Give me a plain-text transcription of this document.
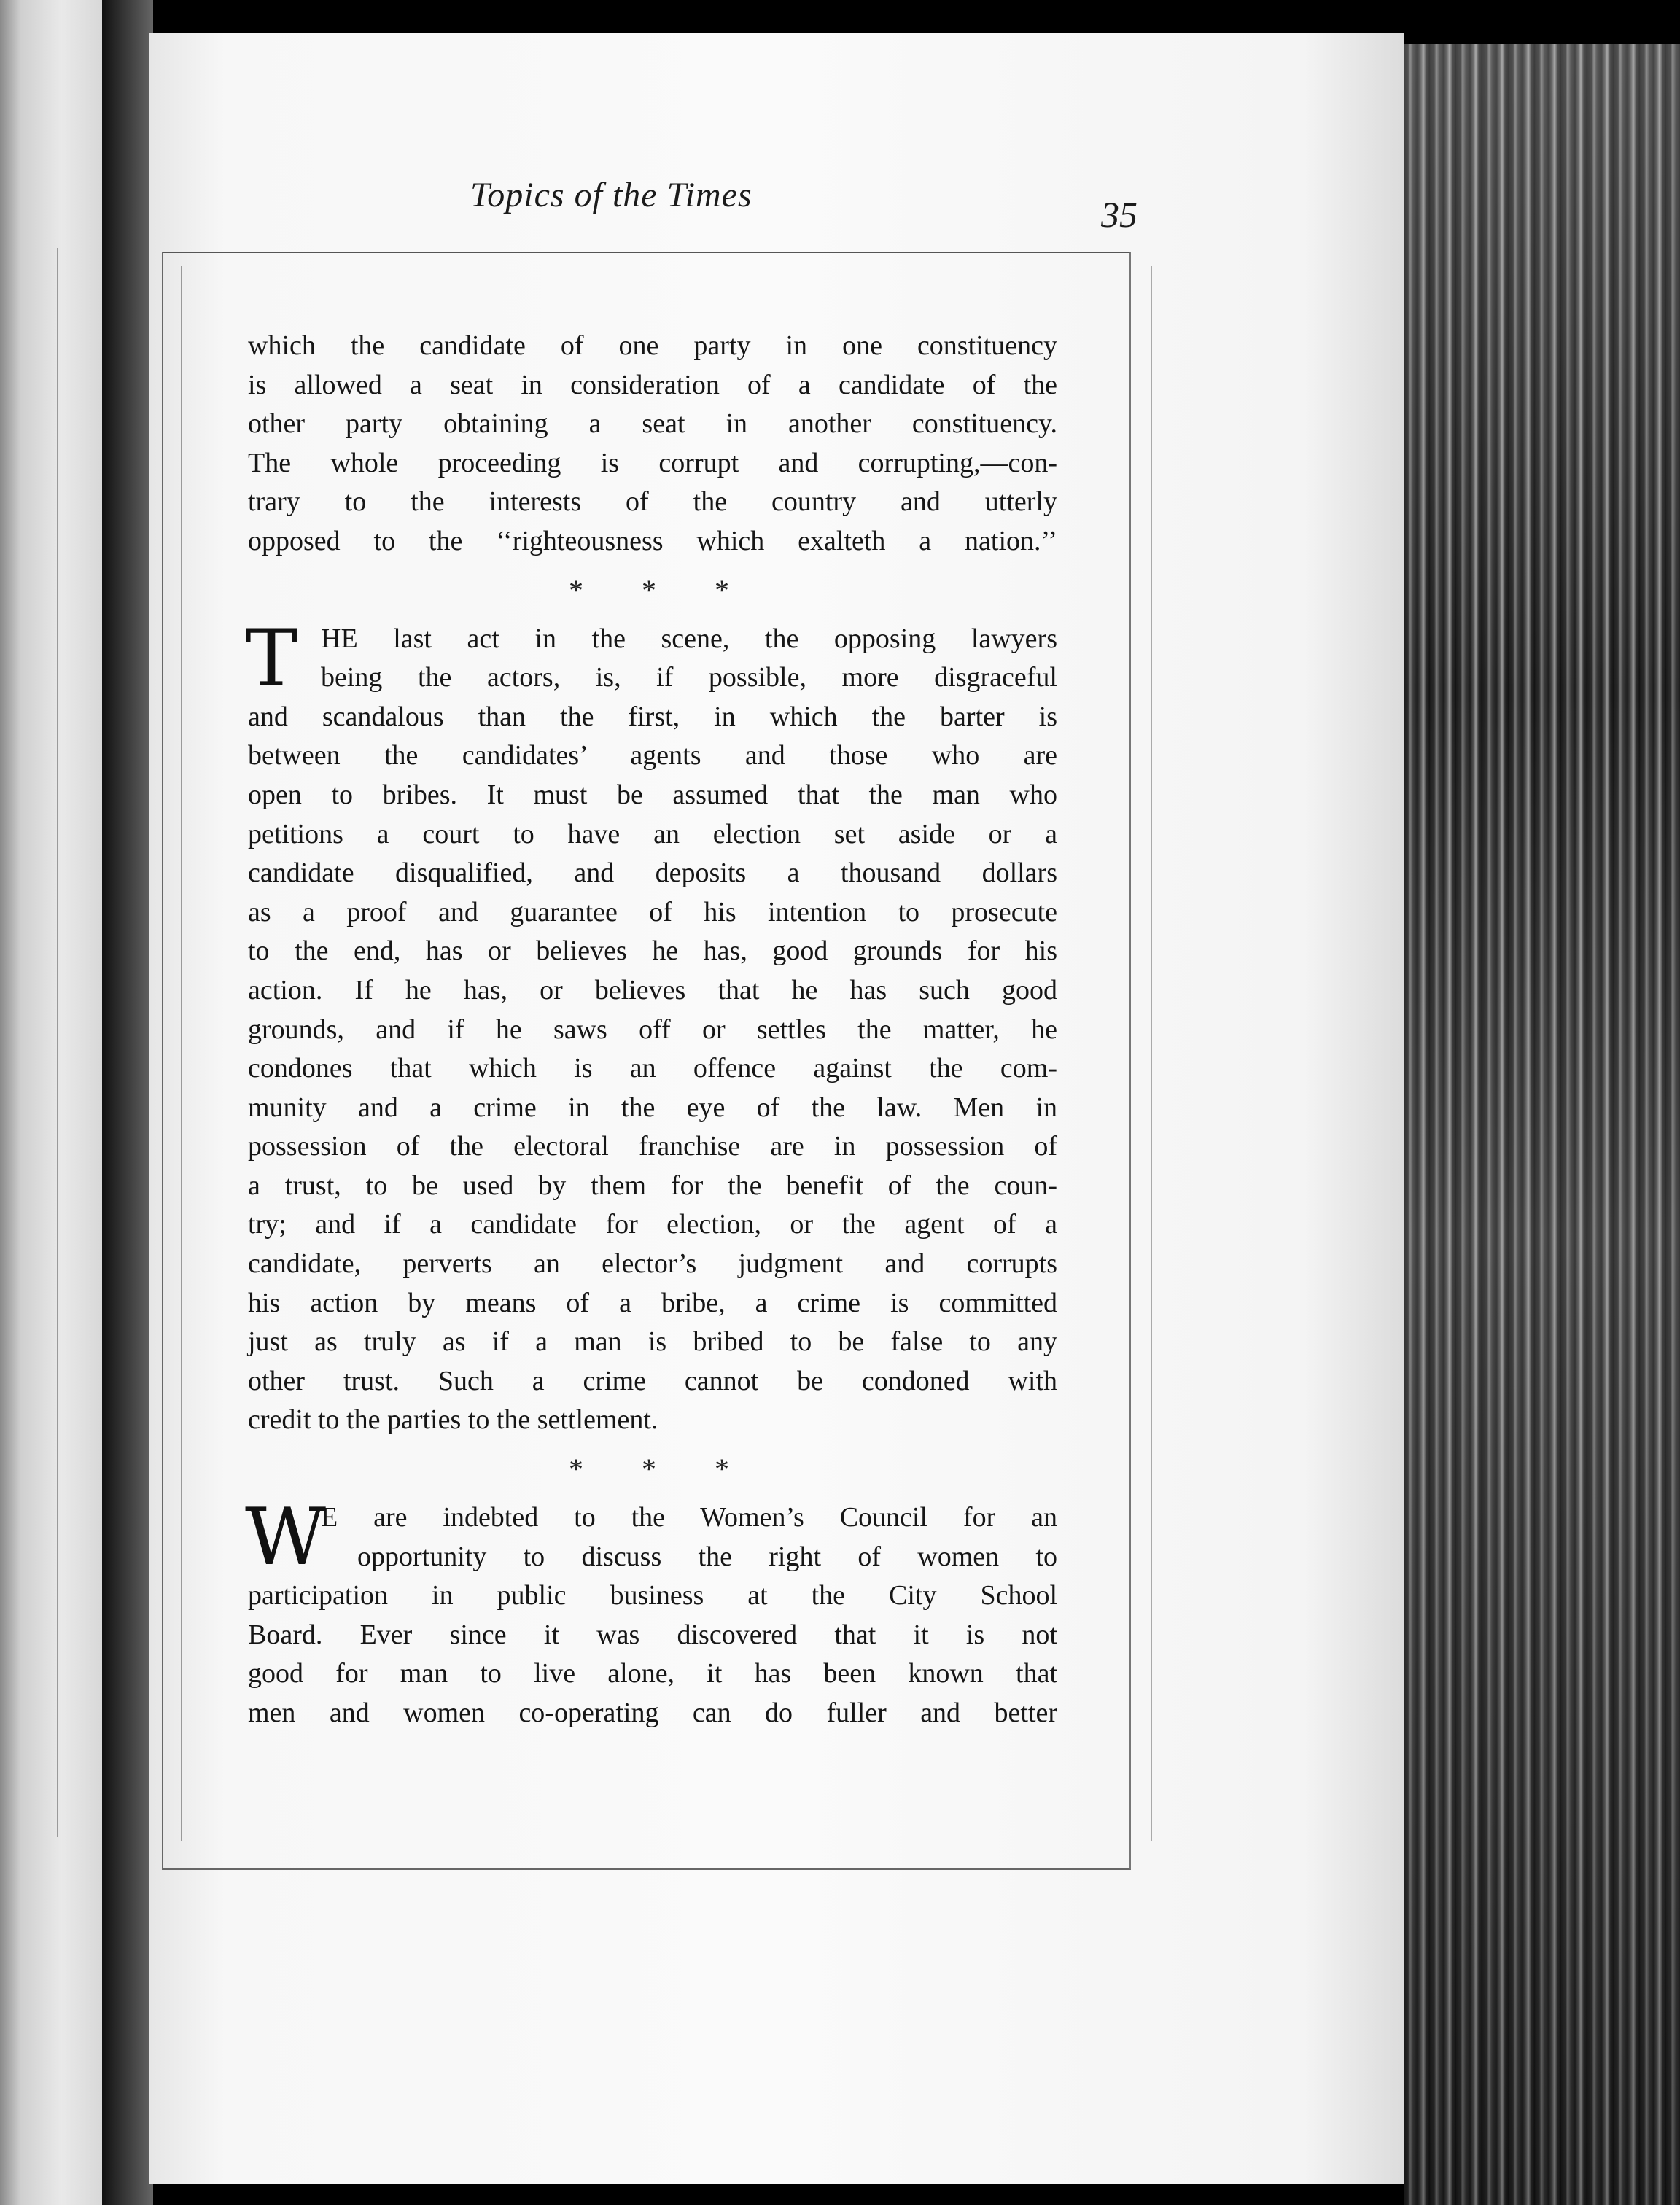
Topics of the Times	35
which the candidate of one party in one constituency
is allowed a seat in consideration of a candidate of the
other party obtaining a seat in another constituency.
The whole proceeding is corrupt and corrupting,—con-
trary to the interests of the country and utterly
opposed to the ‘‘righteousness which exalteth a nation.’’
* * *
T HE last act in the scene, the opposing lawyers
being the actors, is, if possible, more disgraceful
and scandalous than the first, in which the barter is
between the candidates’ agents and those who are
open to bribes. It must be assumed that the man who
petitions a court to have an election set aside or a
candidate disqualified, and deposits a thousand dollars
as a proof and guarantee of his intention to prosecute
to the end, has or believes he has, good grounds for his
action. If he has, or believes that he has such good
grounds, and if he saws off or settles the matter, he
condones that which is an offence against the com-
munity and a crime in the eye of the law. Men in
possession of the electoral franchise are in possession of
a trust, to be used by them for the benefit of the coun-
try; and if a candidate for election, or the agent of a
candidate, perverts an elector’s judgment and corrupts
his action by means of a bribe, a crime is committed
just as truly as if a man is bribed to be false to any
other trust. Such a crime cannot be condoned with
credit to the parties to the settlement.
* * *
W
E are indebted to the Women’s Council for an
opportunity to discuss the right of women to
participation in public business at the City School
Board. Ever since it was discovered that it is not
good for man to live alone, it has been known that
men and women co-operating can do fuller and better
